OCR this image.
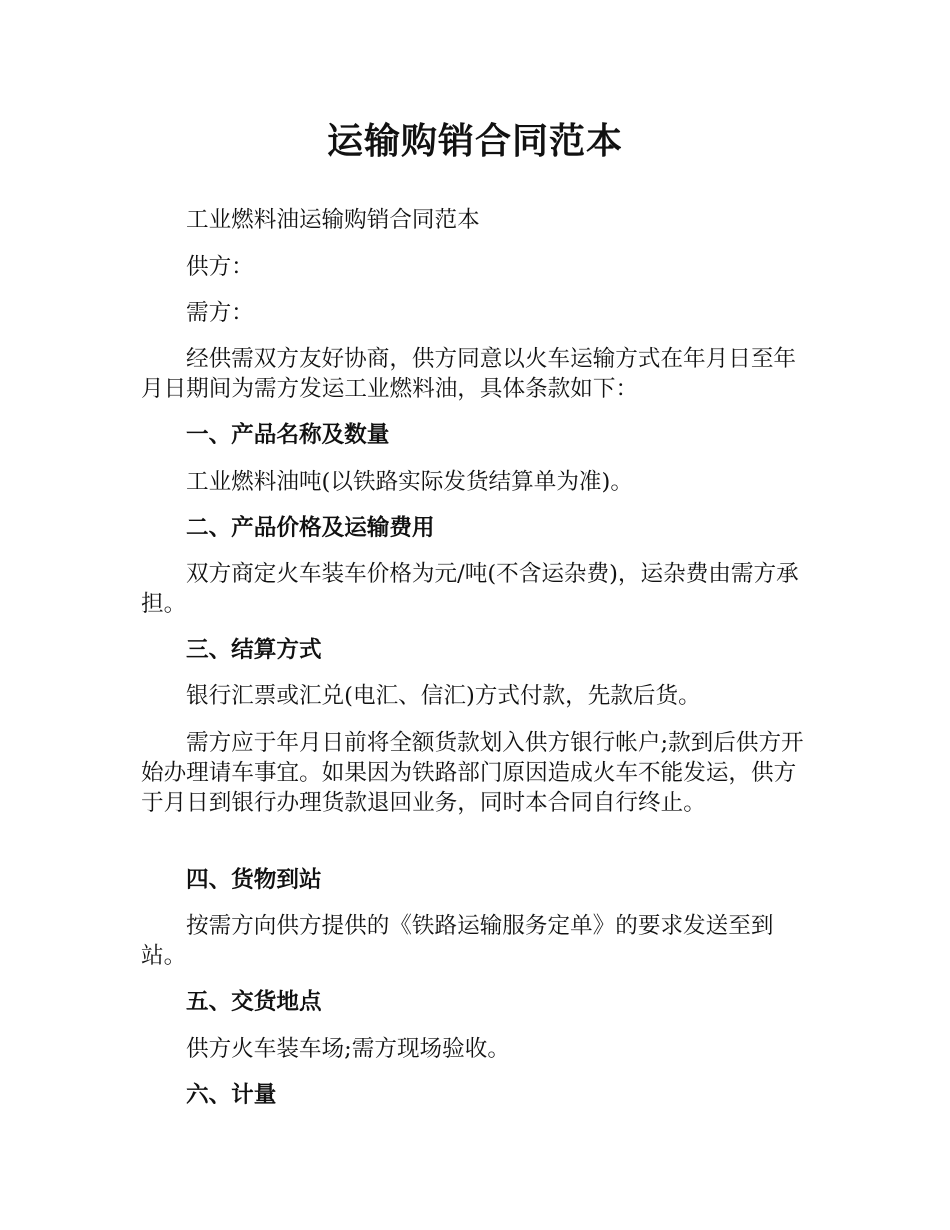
运输购销合同范本
工业燃料油运输购销合同范本
供方：
需方：
经供需双方友好协商，供方同意以火车运输方式在年月日至年月日期间为需方发运工业燃料油，具体条款如下：
一、产品名称及数量
工业燃料油吨(以铁路实际发货结算单为准)。
二、产品价格及运输费用
双方商定火车装车价格为元/吨(不含运杂费)，运杂费由需方承担。
三、结算方式
银行汇票或汇兑(电汇、信汇)方式付款，先款后货。
需方应于年月日前将全额货款划入供方银行帐户;款到后供方开始办理请车事宜。如果因为铁路部门原因造成火车不能发运，供方于月日到银行办理货款退回业务，同时本合同自行终止。
四、货物到站
按需方向供方提供的《铁路运输服务定单》的要求发送至到站。
五、交货地点
供方火车装车场;需方现场验收。
六、计量
